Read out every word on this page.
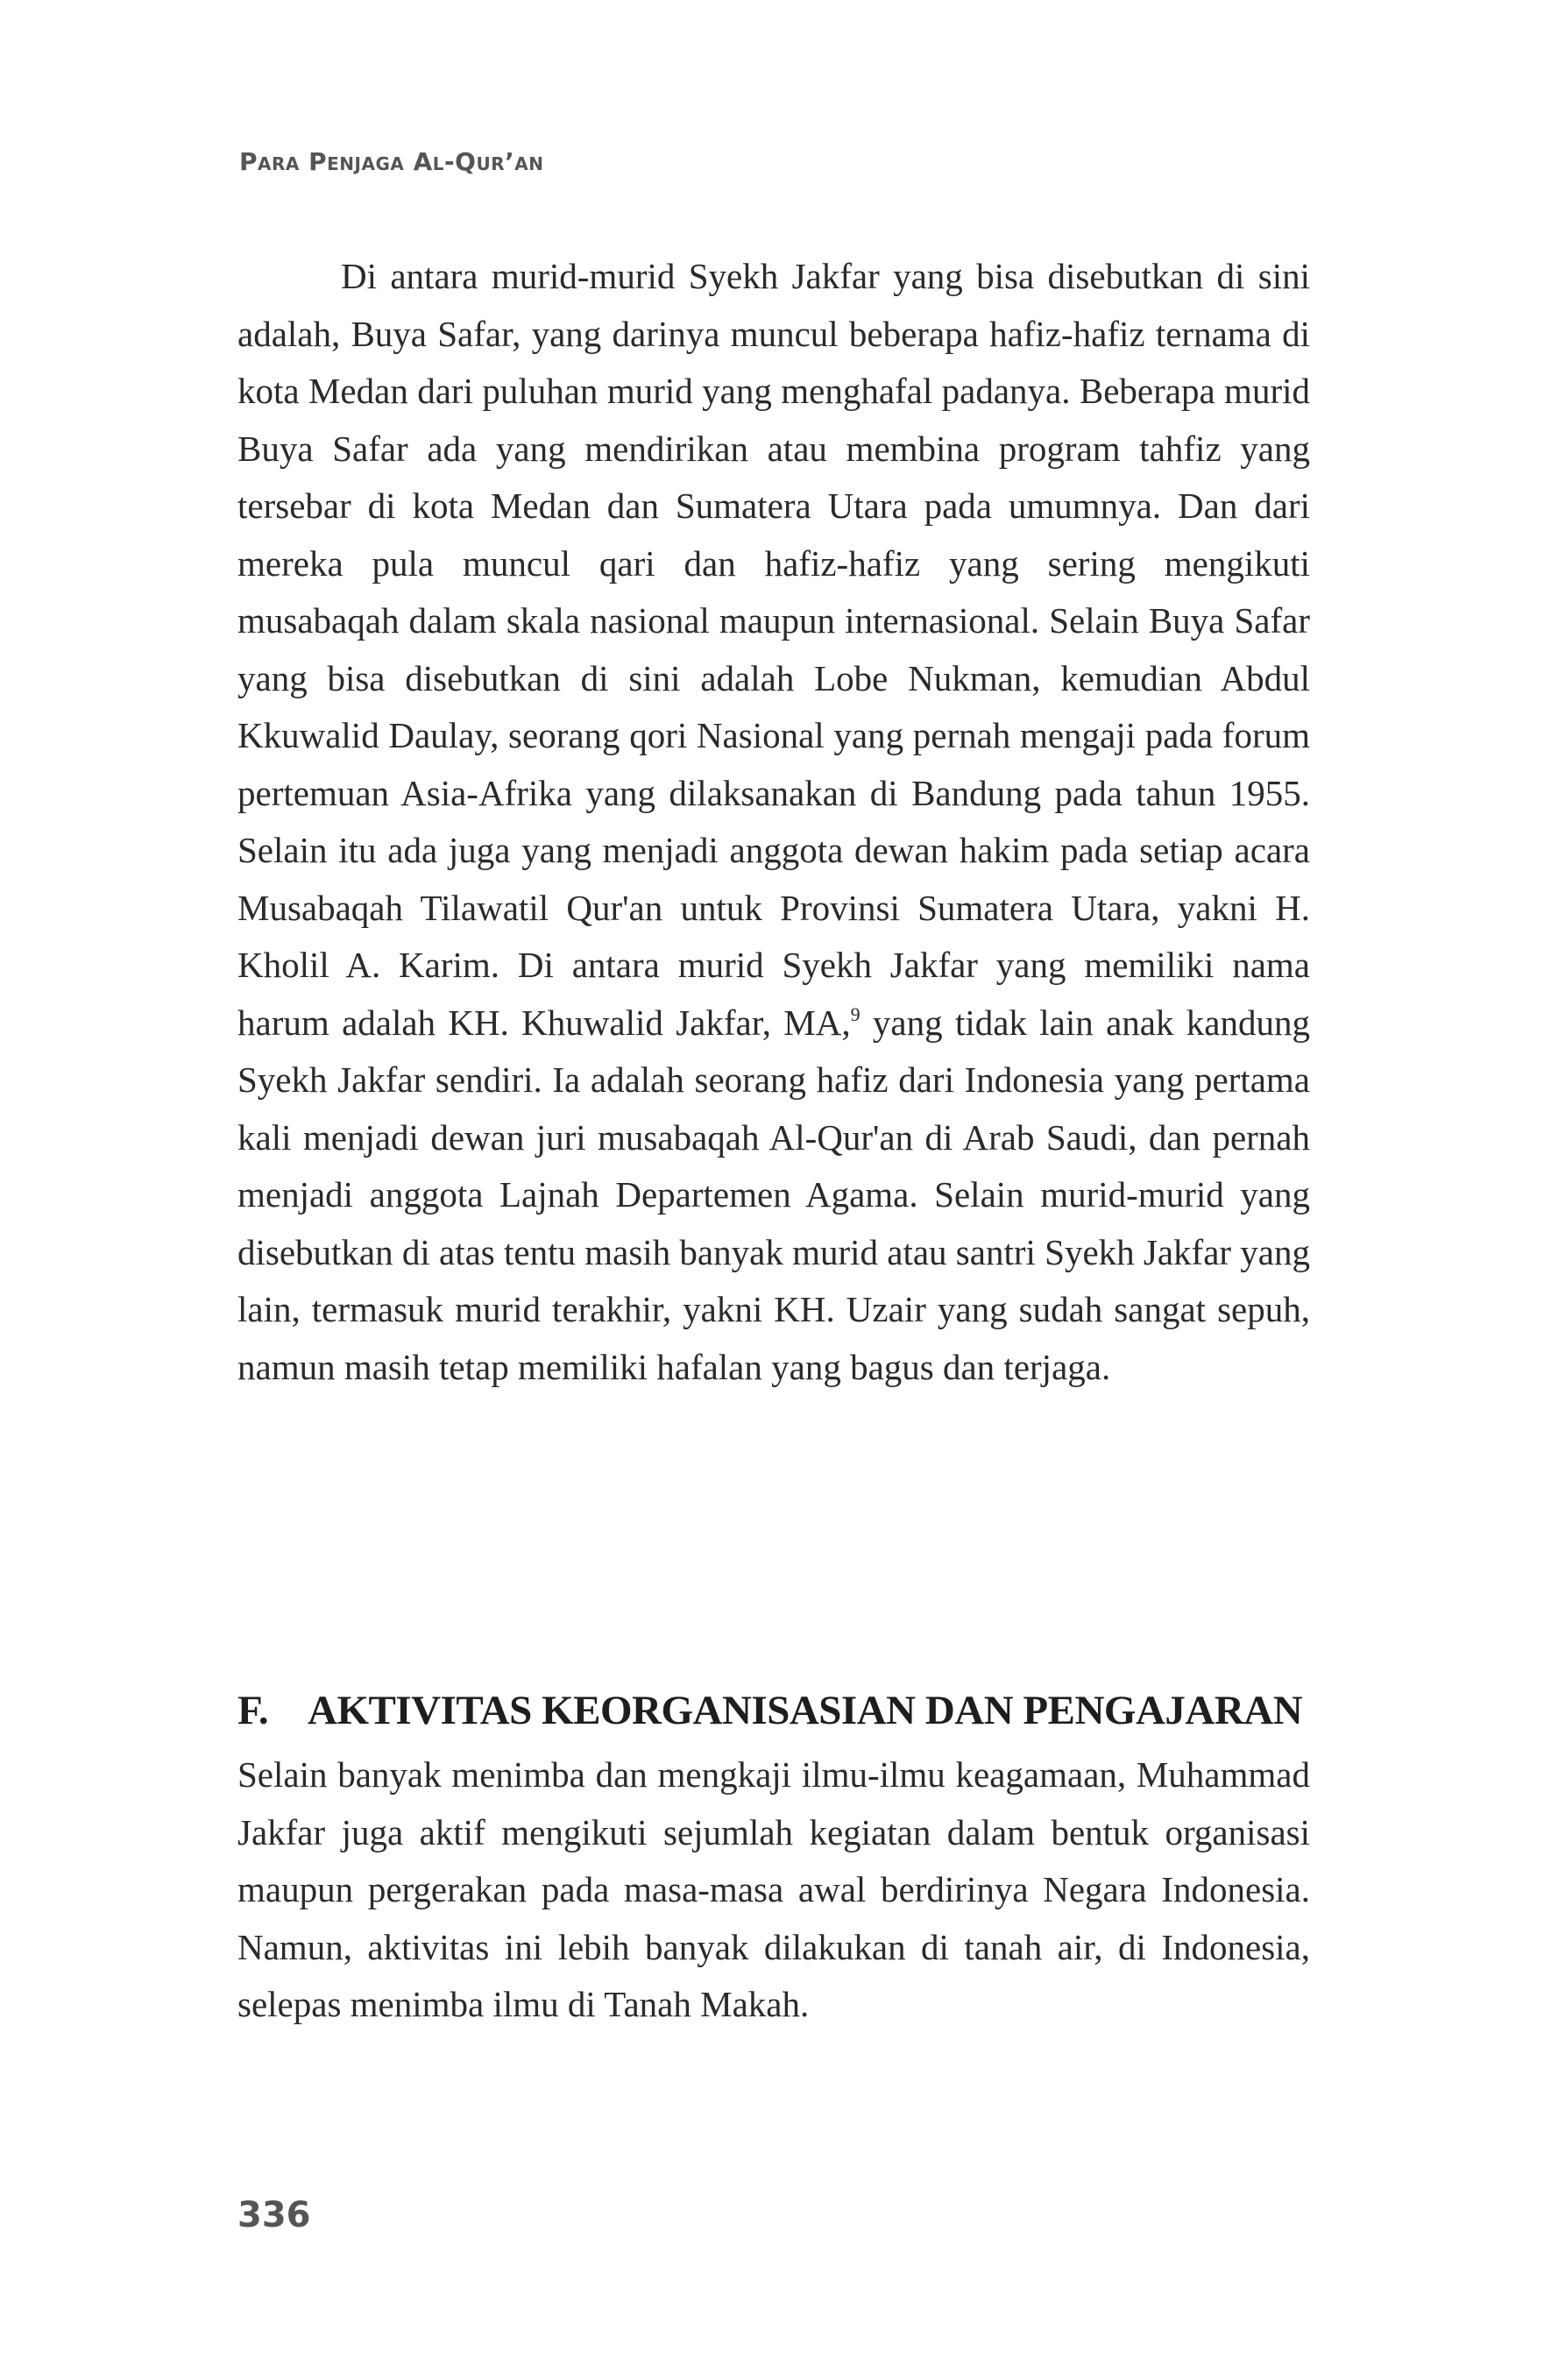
Para Penjaga Al-Qur’an

Di antara murid-murid Syekh Jakfar yang bisa disebutkan di sini adalah, Buya Safar, yang darinya muncul beberapa hafiz-hafiz ternama di kota Medan dari puluhan murid yang menghafal padanya. Beberapa murid Buya Safar ada yang mendirikan atau membina program tahfiz yang tersebar di kota Medan dan Sumatera Utara pada umumnya. Dan dari mereka pula muncul qari dan hafiz-hafiz yang sering mengikuti musabaqah dalam skala nasional maupun internasional. Selain Buya Safar yang bisa disebutkan di sini adalah Lobe Nukman, kemudian Abdul Kkuwalid Daulay, seorang qori Nasional yang pernah mengaji pada forum pertemuan Asia-Afrika yang dilaksanakan di Bandung pada tahun 1955. Selain itu ada juga yang menjadi anggota dewan hakim pada setiap acara Musabaqah Tilawatil Qur'an untuk Provinsi Sumatera Utara, yakni H. Kholil A. Karim. Di antara murid Syekh Jakfar yang memiliki nama harum adalah KH. Khuwalid Jakfar, MA,$^9$ yang tidak lain anak kandung Syekh Jakfar sendiri. Ia adalah seorang hafiz dari Indonesia yang pertama kali menjadi dewan juri musabaqah Al-Qur'an di Arab Saudi, dan pernah menjadi anggota Lajnah Departemen Agama. Selain murid-murid yang disebutkan di atas tentu masih banyak murid atau santri Syekh Jakfar yang lain, termasuk murid terakhir, yakni KH. Uzair yang sudah sangat sepuh, namun masih tetap memiliki hafalan yang bagus dan terjaga.

F. AKTIVITAS KEORGANISASIAN DAN PENGAJARAN

Selain banyak menimba dan mengkaji ilmu-ilmu keagamaan, Muhammad Jakfar juga aktif mengikuti sejumlah kegiatan dalam bentuk organisasi maupun pergerakan pada masa-masa awal berdirinya Negara Indonesia. Namun, aktivitas ini lebih banyak dilakukan di tanah air, di Indonesia, selepas menimba ilmu di Tanah Makah.

336
